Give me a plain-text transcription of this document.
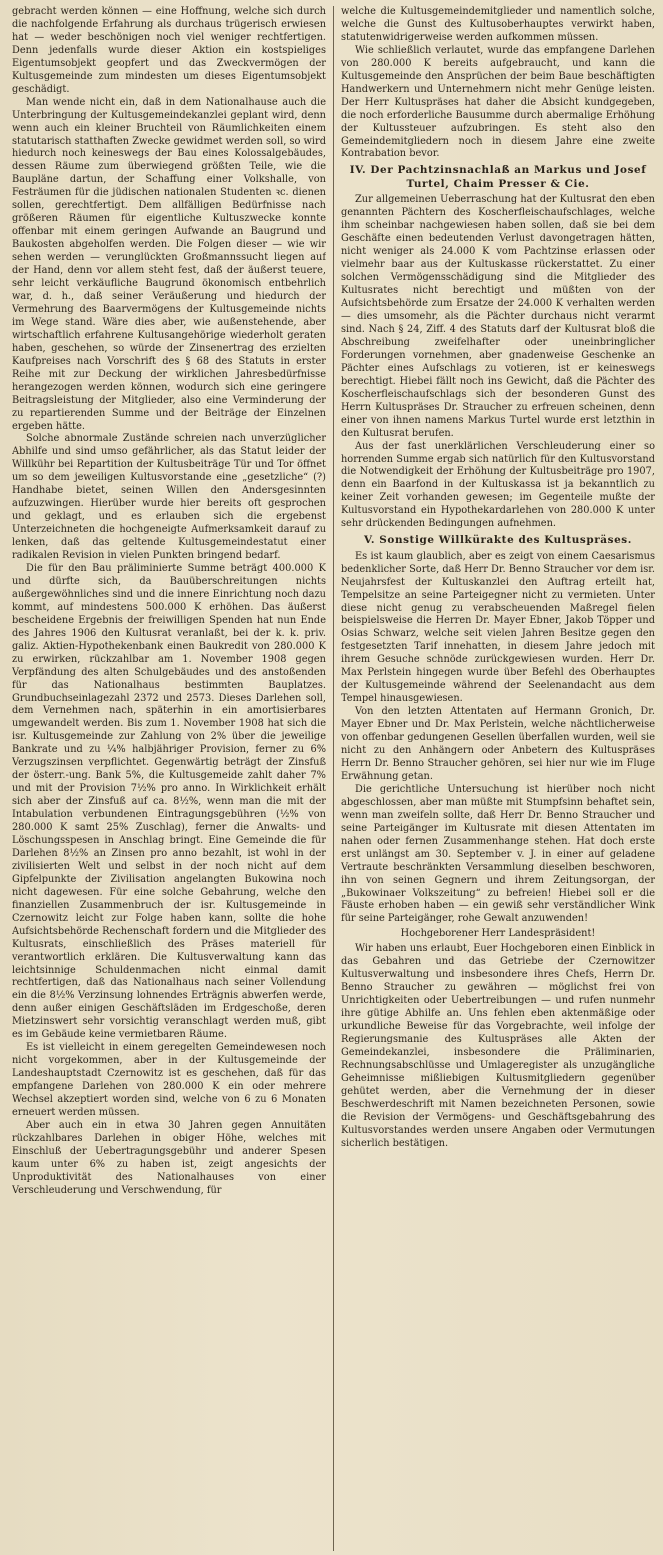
gebracht werden können — eine Hoffnung, welche sich durch die nachfolgende Erfahrung als durchaus trügerisch erwiesen hat — weder beschönigen noch viel weniger rechtfertigen. Denn jedenfalls wurde dieser Aktion ein kostspieliges Eigentumsobjekt geopfert und das Zweckvermögen der Kultusgemeinde zum mindesten um dieses Eigentumsobjekt geschädigt.

Man wende nicht ein, daß in dem Nationalhause auch die Unterbringung der Kultusgemeindekanzlei geplant wird, denn wenn auch ein kleiner Bruchteil von Räumlichkeiten einem statutarisch statthaften Zwecke gewidmet werden soll, so wird hiedurch noch keineswegs der Bau eines Kolossalgebäudes, dessen Räume zum überwiegend größten Teile, wie die Baupläne dartun, der Schaffung einer Volkshalle, von Festräumen für die jüdischen nationalen Studenten ꝛc. dienen sollen, gerechtfertigt. Dem allfälligen Bedürfnisse nach größeren Räumen für eigentliche Kultuszwecke konnte offenbar mit einem geringen Aufwande an Baugrund und Baukosten abgeholfen werden. Die Folgen dieser — wie wir sehen werden — verunglückten Großmannssucht liegen auf der Hand, denn vor allem steht fest, daß der äußerst teuere, sehr leicht verkäufliche Baugrund ökonomisch entbehrlich war, d. h., daß seiner Veräußerung und hiedurch der Vermehrung des Baarvermögens der Kultusgemeinde nichts im Wege stand. Wäre dies aber, wie außenstehende, aber wirtschaftlich erfahrene Kultusangehörige wiederholt geraten haben, geschehen, so würde der Zinsenertrag des erzielten Kaufpreises nach Vorschrift des § 68 des Statuts in erster Reihe mit zur Deckung der wirklichen Jahresbedürfnisse herangezogen werden können, wodurch sich eine geringere Beitragsleistung der Mitglieder, also eine Verminderung der zu repartierenden Summe und der Beiträge der Einzelnen ergeben hätte.

Solche abnormale Zustände schreien nach unverzüglicher Abhilfe und sind umso gefährlicher, als das Statut leider der Willkühr bei Repartition der Kultusbeiträge Tür und Tor öffnet um so dem jeweiligen Kultusvorstande eine „gesetzliche“ (?) Handhabe bietet, seinen Willen den Andersgesinnten aufzuzwingen. Hierüber wurde hier bereits oft gesprochen und geklagt, und es erlauben sich die ergebenst Unterzeichneten die hochgeneigte Aufmerksamkeit darauf zu lenken, daß das geltende Kultusgemeindestatut einer radikalen Revision in vielen Punkten bringend bedarf.

Die für den Bau präliminierte Summe beträgt 400.000 K und dürfte sich, da Bauüberschreitungen nichts außergewöhnliches sind und die innere Einrichtung noch dazu kommt, auf mindestens 500.000 K erhöhen. Das äußerst bescheidene Ergebnis der freiwilligen Spenden hat nun Ende des Jahres 1906 den Kultusrat veranlaßt, bei der k. k. priv. galiz. Aktien-Hypothekenbank einen Baukredit von 280.000 K zu erwirken, rückzahlbar am 1. November 1908 gegen Verpfändung des alten Schulgebäudes und des anstoßenden für das Nationalhaus bestimmten Bauplatzes. Grundbuchseinlagezahl 2372 und 2573. Dieses Darlehen soll, dem Vernehmen nach, späterhin in ein amortisierbares umgewandelt werden. Bis zum 1. November 1908 hat sich die isr. Kultusgemeinde zur Zahlung von 2% über die jeweilige Bankrate und zu ¼% halbjähriger Provision, ferner zu 6% Verzugszinsen verpflichtet. Gegenwärtig beträgt der Zinsfuß der österr.-ung. Bank 5%, die Kultusgemeide zahlt daher 7% und mit der Provision 7½% pro anno. In Wirklichkeit erhält sich aber der Zinsfuß auf ca. 8½%, wenn man die mit der Intabulation verbundenen Eintragungsgebühren (½% von 280.000 K samt 25% Zuschlag), ferner die Anwalts- und Löschungsspesen in Anschlag bringt. Eine Gemeinde die für Darlehen 8½% an Zinsen pro anno bezahlt, ist wohl in der zivilisierten Welt und selbst in der noch nicht auf dem Gipfelpunkte der Zivilisation angelangten Bukowina noch nicht dagewesen. Für eine solche Gebahrung, welche den finanziellen Zusammenbruch der isr. Kultusgemeinde in Czernowitz leicht zur Folge haben kann, sollte die hohe Aufsichtsbehörde Rechenschaft fordern und die Mitglieder des Kultusrats, einschließlich des Präses materiell für verantwortlich erklären. Die Kultusverwaltung kann das leichtsinnige Schuldenmachen nicht einmal damit rechtfertigen, daß das Nationalhaus nach seiner Vollendung ein die 8½% Verzinsung lohnendes Erträgnis abwerfen werde, denn außer einigen Geschäftsläden im Erdgeschoße, deren Mietzinswert sehr vorsichtig veranschlagt werden muß, gibt es im Gebäude keine vermietbaren Räume.

Es ist vielleicht in einem geregelten Gemeindewesen noch nicht vorgekommen, aber in der Kultusgemeinde der Landeshauptstadt Czernowitz ist es geschehen, daß für das empfangene Darlehen von 280.000 K ein oder mehrere Wechsel akzeptiert worden sind, welche von 6 zu 6 Monaten erneuert werden müssen.

Aber auch ein in etwa 30 Jahren gegen Annuitäten rückzahlbares Darlehen in obiger Höhe, welches mit Einschluß der Uebertragungsgebühr und anderer Spesen kaum unter 6% zu haben ist, zeigt angesichts der Unproduktivität des Nationalhauses von einer Verschleuderung und Verschwendung, für

welche die Kultusgemeindemitglieder und namentlich solche, welche die Gunst des Kultusoberhauptes verwirkt haben, statutenwidrigerweise werden aufkommen müssen.

Wie schließlich verlautet, wurde das empfangene Darlehen von 280.000 K bereits aufgebraucht, und kann die Kultusgemeinde den Ansprüchen der beim Baue beschäftigten Handwerkern und Unternehmern nicht mehr Genüge leisten. Der Herr Kultuspräses hat daher die Absicht kundgegeben, die noch erforderliche Bausumme durch abermalige Erhöhung der Kultussteuer aufzubringen. Es steht also den Gemeindemitgliedern noch in diesem Jahre eine zweite Kontrabation bevor.

IV. Der Pachtzinsnachlaß an Markus und Josef Turtel, Chaim Presser & Cie.

Zur allgemeinen Ueberraschung hat der Kultusrat den eben genannten Pächtern des Koscherfleischaufschlages, welche ihm scheinbar nachgewiesen haben sollen, daß sie bei dem Geschäfte einen bedeutenden Verlust davongetragen hätten, nicht weniger als 24.000 K vom Pachtzinse erlassen oder vielmehr baar aus der Kultuskasse rückerstattet. Zu einer solchen Vermögensschädigung sind die Mitglieder des Kultusrates nicht berechtigt und müßten von der Aufsichtsbehörde zum Ersatze der 24.000 K verhalten werden — dies umsomehr, als die Pächter durchaus nicht verarmt sind. Nach § 24, Ziff. 4 des Statuts darf der Kultusrat bloß die Abschreibung zweifelhafter oder uneinbringlicher Forderungen vornehmen, aber gnadenweise Geschenke an Pächter eines Aufschlags zu votieren, ist er keineswegs berechtigt. Hiebei fällt noch ins Gewicht, daß die Pächter des Koscherfleischaufschlags sich der besonderen Gunst des Herrn Kultuspräses Dr. Straucher zu erfreuen scheinen, denn einer von ihnen namens Markus Turtel wurde erst letzthin in den Kultusrat berufen.

Aus der fast unerklärlichen Verschleuderung einer so horrenden Summe ergab sich natürlich für den Kultusvorstand die Notwendigkeit der Erhöhung der Kultusbeiträge pro 1907, denn ein Baarfond in der Kultuskassa ist ja bekanntlich zu keiner Zeit vorhanden gewesen; im Gegenteile mußte der Kultusvorstand ein Hypothekardarlehen von 280.000 K unter sehr drückenden Bedingungen aufnehmen.

V. Sonstige Willkürakte des Kultuspräses.

Es ist kaum glaublich, aber es zeigt von einem Caesarismus bedenklicher Sorte, daß Herr Dr. Benno Straucher vor dem isr. Neujahrsfest der Kultuskanzlei den Auftrag erteilt hat, Tempelsitze an seine Parteigegner nicht zu vermieten. Unter diese nicht genug zu verabscheuenden Maßregel fielen beispielsweise die Herren Dr. Mayer Ebner, Jakob Töpper und Osias Schwarz, welche seit vielen Jahren Besitze gegen den festgesetzten Tarif innehatten, in diesem Jahre jedoch mit ihrem Gesuche schnöde zurückgewiesen wurden. Herr Dr. Max Perlstein hingegen wurde über Befehl des Oberhauptes der Kultusgemeinde während der Seelenandacht aus dem Tempel hinausgewiesen.

Von den letzten Attentaten auf Hermann Gronich, Dr. Mayer Ebner und Dr. Max Perlstein, welche nächtlicherweise von offenbar gedungenen Gesellen überfallen wurden, weil sie nicht zu den Anhängern oder Anbetern des Kultuspräses Herrn Dr. Benno Straucher gehören, sei hier nur wie im Fluge Erwähnung getan.

Die gerichtliche Untersuchung ist hierüber noch nicht abgeschlossen, aber man müßte mit Stumpfsinn behaftet sein, wenn man zweifeln sollte, daß Herr Dr. Benno Straucher und seine Parteigänger im Kultusrate mit diesen Attentaten im nahen oder fernen Zusammenhange stehen. Hat doch erste erst unlängst am 30. September v. J. in einer auf geladene Vertraute beschränkten Versammlung dieselben beschworen, ihn von seinen Gegnern und ihrem Zeitungsorgan, der „Bukowinaer Volkszeitung“ zu befreien! Hiebei soll er die Fäuste erhoben haben — ein gewiß sehr verständlicher Wink für seine Parteigänger, rohe Gewalt anzuwenden!

Hochgeborener Herr Landespräsident!

Wir haben uns erlaubt, Euer Hochgeboren einen Einblick in das Gebahren und das Getriebe der Czernowitzer Kultusverwaltung und insbesondere ihres Chefs, Herrn Dr. Benno Straucher zu gewähren — möglichst frei von Unrichtigkeiten oder Uebertreibungen — und rufen nunmehr ihre gütige Abhilfe an. Uns fehlen eben aktenmäßige oder urkundliche Beweise für das Vorgebrachte, weil infolge der Regierungsmanie des Kultuspräses alle Akten der Gemeindekanzlei, insbesondere die Präliminarien, Rechnungsabschlüsse und Umlageregister als unzugängliche Geheimnisse mißliebigen Kultusmitgliedern gegenüber gehütet werden, aber die Vernehmung der in dieser Beschwerdeschrift mit Namen bezeichneten Personen, sowie die Revision der Vermögens- und Geschäftsgebahrung des Kultusvorstandes werden unsere Angaben oder Vermutungen sicherlich bestätigen.
